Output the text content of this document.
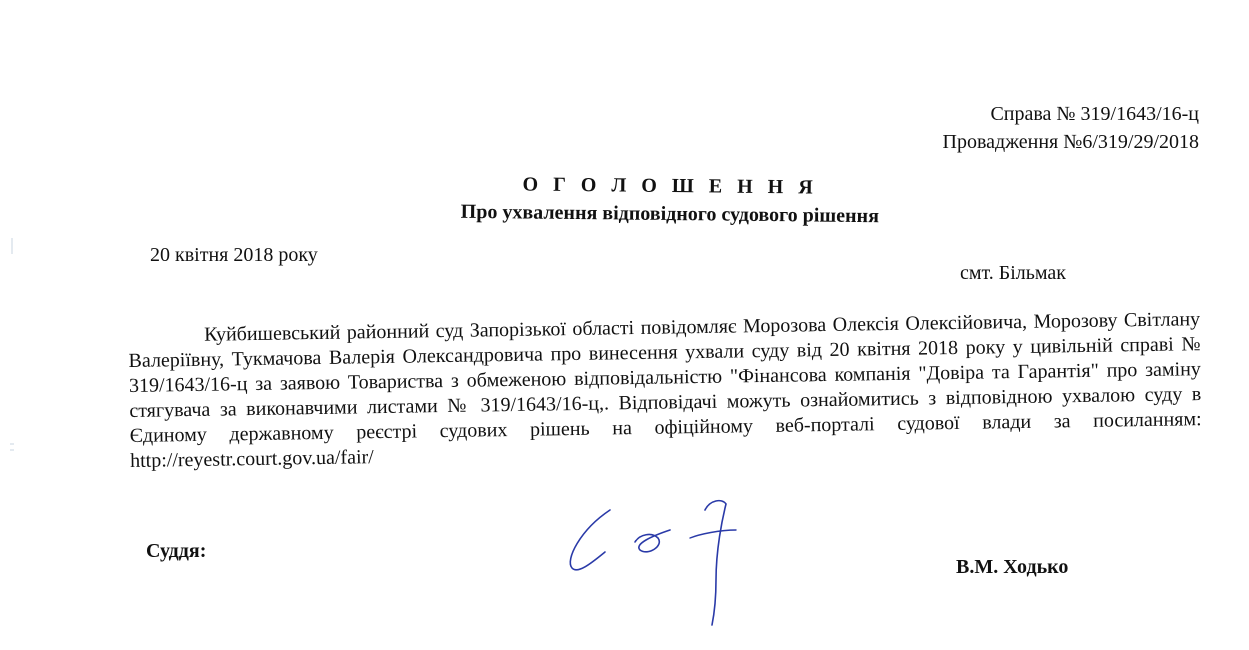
Справа № 319/1643/16-ц
Провадження №6/319/29/2018
О Г О Л О Ш Е Н Н Я
Про ухвалення відповідного судового рішення
20 квітня 2018 року
смт. Більмак
Куйбишевський районний суд Запорізької області повідомляє Морозова Олексія Олексійовича, Морозову Світлану Валеріївну, Тукмачова Валерія Олександровича про винесення ухвали суду від 20 квітня 2018 року у цивільній справі № 319/1643/16-ц за заявою Товариства з обмеженою відповідальністю "Фінансова компанія "Довіра та Гарантія" про заміну стягувача за виконавчими листами № 319/1643/16-ц,. Відповідачі можуть ознайомитись з відповідною ухвалою суду в Єдиному державному реєстрі судових рішень на офіційному веб-порталі судової влади за посиланням: http://reyestr.court.gov.ua/fair/
Суддя:
В.М. Ходько
